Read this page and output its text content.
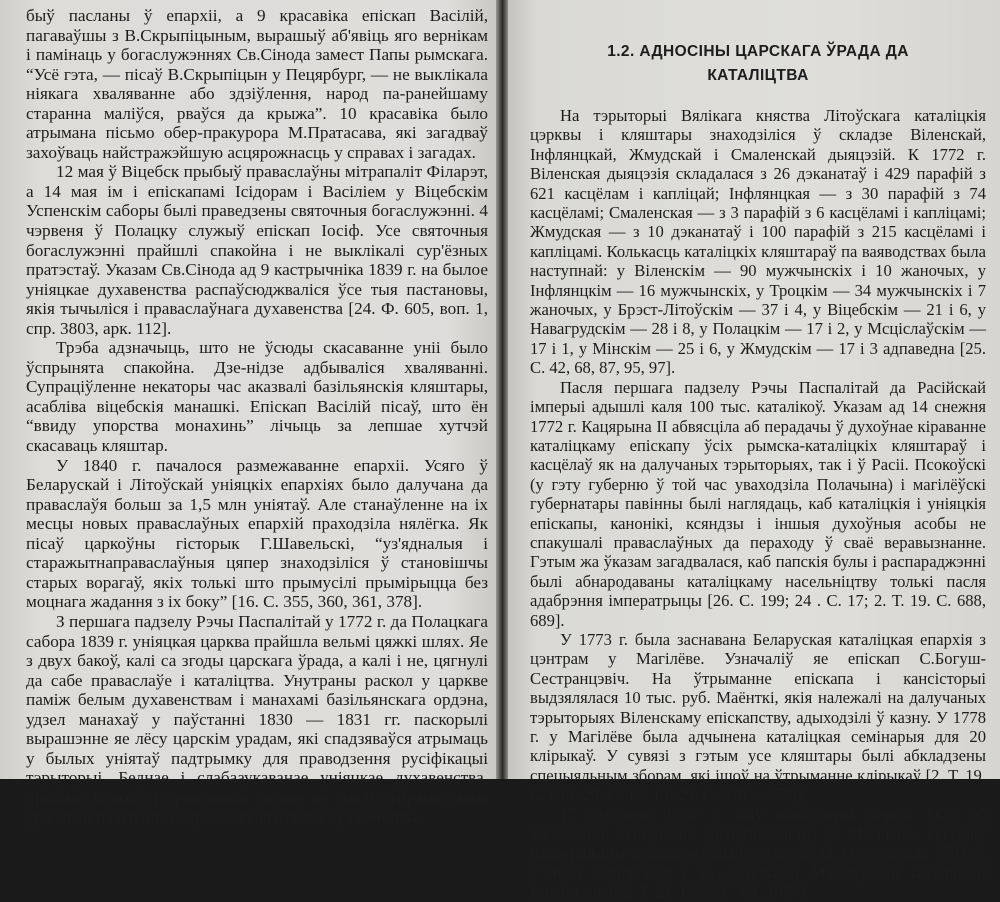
быў пасланы ў епархіі, а 9 красавіка епіскап Васілій, пагаваўшы з В.Скрыпіцыным, вырашыў аб'явіць яго вернікам і памінаць у богаслужэннях Св.Сінода замест Папы рымскага. “Усё гэта, — пісаў В.Скрыпіцын у Пецярбург, — не выклікала ніякага хваляванне або здзіўлення, народ па-ранейшаму старанна маліўся, рваўся да крыжа”. 10 красавіка было атрымана пісьмо обер-пракурора М.Пратасава, які загадваў захоўваць найстражэйшую асцярожнасць у справах і загадах.

12 мая ў Віцебск прыбыў праваслаўны мітрапаліт Філарэт, а 14 мая ім і епіскапамі Ісідорам і Васіліем у Віцебскім Успенскім саборы былі праведзены святочныя богаслужэнні. 4 чэрвеня ў Полацку служыў епіскап Іосіф. Усе святочныя богаслужэнні прайшлі спакойна і не выклікалі сур'ёзных пратэстаў. Указам Св.Сінода ад 9 кастрычніка 1839 г. на былое уніяцкае духавенства распаўсюджваліся ўсе тыя пастановы, якія тычыліся і праваслаўнага духавенства [24. Ф. 605, воп. 1, спр. 3803, арк. 112].

Трэба адзначыць, што не ўсюды скасаванне уніі было ўспрынята спакойна. Дзе-нідзе адбываліся хваляванні. Супраціўленне некаторы час аказвалі базільянскія кляштары, асабліва віцебскія манашкі. Епіскап Васілій пісаў, што ён “ввиду упорства монахинь” лічыць за лепшае хутчэй скасаваць кляштар.

У 1840 г. пачалося размежаванне епархіі. Усяго ў Беларускай і Літоўскай уніяцкіх епархіях было далучана да праваслаўя больш за 1,5 млн уніятаў. Але станаўленне на іх месцы новых праваслаўных епархій праходзіла нялёгка. Як пісаў царкоўны гісторык Г.Шавельскі, “уз'ядналыя і старажытнаправаслаўныя цяпер знаходзіліся ў становішчы старых ворагаў, якіх толькі што прымусілі прымірыцца без моцнага жадання з іх боку” [16. С. 355, 360, 361, 378].

З першага падзелу Рэчы Паспалітай у 1772 г. да Полацкага сабора 1839 г. уніяцкая царква прайшла вельмі цяжкі шлях. Яе з двух бакоў, калі са згоды царскага ўрада, а калі і не, цягнулі да сабе праваслаўе і каталіцтва. Унутраны раскол у царкве паміж белым духавенствам і манахамі базільянскага ордэна, удзел манахаў у паўстанні 1830 — 1831 гг. паскорылі вырашэнне яе лёсу царскім урадам, які спадзяваўся атрымаць у былых уніятаў падтрымку для праводзення русіфікацыі тэрыторыі. Беднае і слабааукаванае уніяцкае духавенства, дробная шляхта і прыгонныя сяляне не маглі супрацьстаяць урадавай палітыцы і здрадзе вышэйшага духавенства.

1.2. АДНОСІНЫ ЦАРСКАГА ЎРАДА ДА
КАТАЛІЦТВА

На тэрыторыі Вялікага княства Літоўскага каталіцкія цэрквы і кляштары знаходзіліся ў складзе Віленскай, Інфлянцкай, Жмудскай і Смаленскай дыяцэзій. К 1772 г. Віленская дыяцэзія складалася з 26 дэканатаў і 429 парафій з 621 касцёлам і капліцай; Інфлянцкая — з 30 парафій з 74 касцёламі; Смаленская — з 3 парафій з 6 касцёламі і капліцамі; Жмудская — з 10 дэканатаў і 100 парафій з 215 касцёламі і капліцамі. Колькасць каталіцкіх кляштараў па ваяводствах была наступнай: у Віленскім — 90 мужчынскіх і 10 жаночых, у Інфлянцкім — 16 мужчынскіх, у Троцкім — 34 мужчынскіх і 7 жаночых, у Брэст-Літоўскім — 37 і 4, у Віцебскім — 21 і 6, у Навагрудскім — 28 і 8, у Полацкім — 17 і 2, у Мсціслаўскім — 17 і 1, у Мінскім — 25 і 6, у Жмудскім — 17 і 3 адпаведна [25. С. 42, 68, 87, 95, 97].

Пасля першага падзелу Рэчы Паспалітай да Расійскай імперыі адышлі каля 100 тыс. каталікоў. Указам ад 14 снежня 1772 г. Кацярына II абвясціла аб перадачы ў духоўнае кіраванне каталіцкаму епіскапу ўсіх рымска-каталіцкіх кляштараў і касцёлаў як на далучаных тэрыторыях, так і ў Расіі. Псокоўскі (у гэту губерню ў той час уваходзіла Полачына) і магілёўскі губернатары павінны былі наглядаць, каб каталіцкія і уніяцкія епіскапы, канонікі, ксяндзы і іншыя духоўныя асобы не спакушалі праваслаўных да пераходу ў сваё веравызнанне. Гэтым жа ўказам загадвалася, каб папскія булы і распараджэнні былі абнародаваны каталіцкаму насельніцтву толькі пасля адабрэння імператрыцы [26. С. 199; 24 . С. 17; 2. Т. 19. С. 688, 689].

У 1773 г. была заснавана Беларуская каталіцкая епархія з цэнтрам у Магілёве. Узначаліў яе епіскап С.Богуш-Сестранцэвіч. На ўтрыманне епіскапа і кансісторыі выдзялялася 10 тыс. руб. Маёнткі, якія належалі на далучаных тэрыторыях Віленскаму епіскапству, адыходзілі ў казну. У 1778 г. у Магілёве была адчынена каталіцкая семінарыя для 20 клірыкаў. У сувязі з гэтым усе кляштары былі абкладзены спецыяльным зборам, які ішоў на ўтрыманне клірыкаў [2. Т. 19. С. 846; 28. С. 10, 13; 29. С. 578 — 579].

17 студзеня 1782 г. быў выдадзены царскі ўказ аб заснаванні каталіцкага архіепіскапства ў Магілёве, які быў пацверджаны найвысачэйшай граматай ад 11 лістапада 1783 г., у якой гаварылася і аб заснаванні Магілёўскай каталіцкай кансісторыі [2. Т. 21. С. 338, 384, 1054].
